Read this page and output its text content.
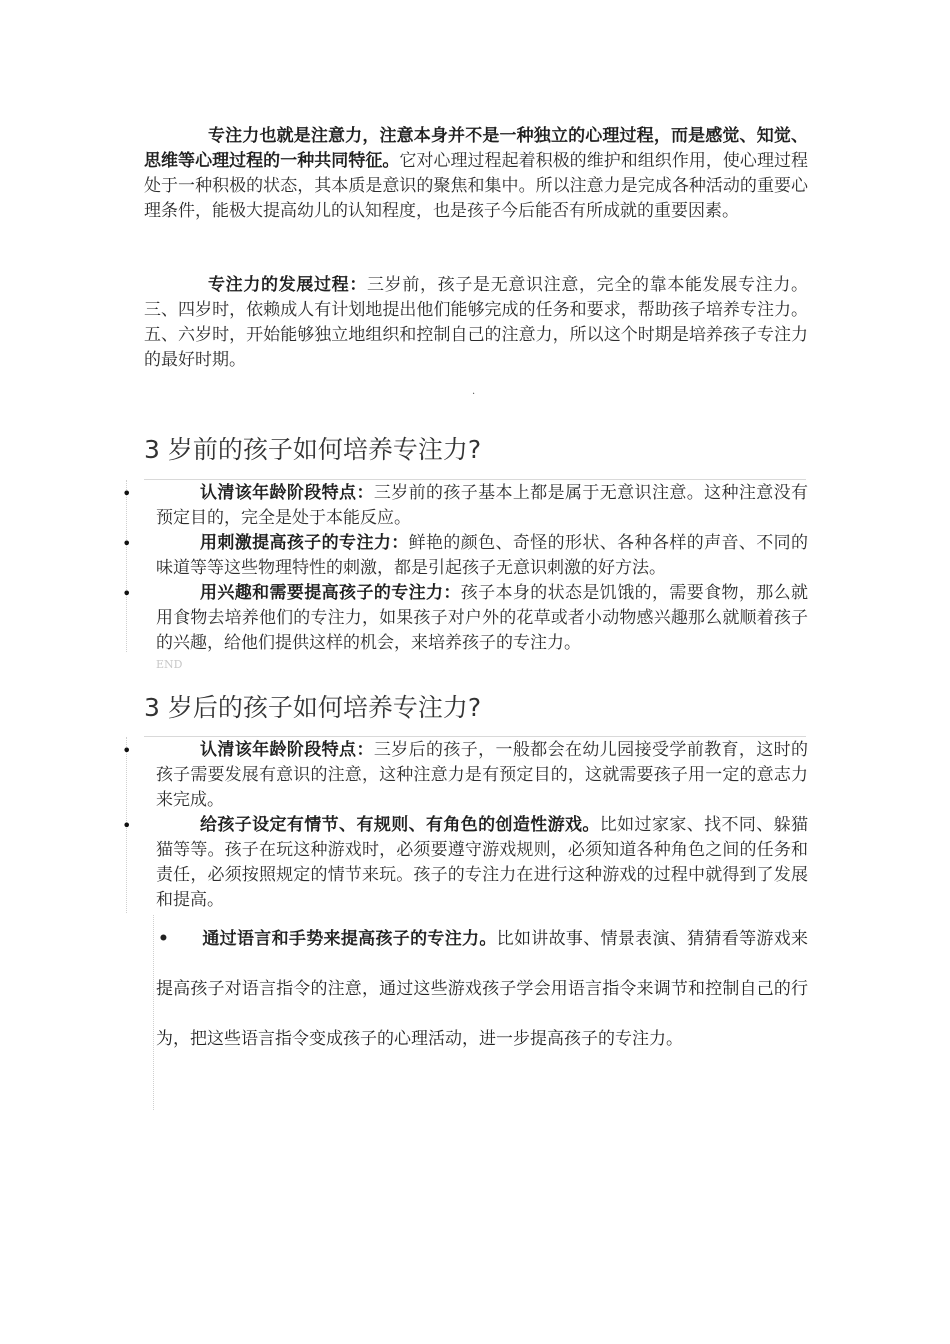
专注力也就是注意力，注意本身并不是一种独立的心理过程，而是感觉、知觉、思维等心理过程的一种共同特征。它对心理过程起着积极的维护和组织作用，使心理过程处于一种积极的状态，其本质是意识的聚焦和集中。所以注意力是完成各种活动的重要心理条件，能极大提高幼儿的认知程度，也是孩子今后能否有所成就的重要因素。

专注力的发展过程：三岁前，孩子是无意识注意，完全的靠本能发展专注力。三、四岁时，依赖成人有计划地提出他们能够完成的任务和要求，帮助孩子培养专注力。五、六岁时，开始能够独立地组织和控制自己的注意力，所以这个时期是培养孩子专注力的最好时期。

.
3 岁前的孩子如何培养专注力?
•	认清该年龄阶段特点：三岁前的孩子基本上都是属于无意识注意。这种注意没有预定目的，完全是处于本能反应。
•	用刺激提高孩子的专注力：鲜艳的颜色、奇怪的形状、各种各样的声音、不同的味道等等这些物理特性的刺激，都是引起孩子无意识刺激的好方法。
•	用兴趣和需要提高孩子的专注力：孩子本身的状态是饥饿的，需要食物，那么就用食物去培养他们的专注力，如果孩子对户外的花草或者小动物感兴趣那么就顺着孩子的兴趣，给他们提供这样的机会，来培养孩子的专注力。
END
3 岁后的孩子如何培养专注力?
•	认清该年龄阶段特点：三岁后的孩子，一般都会在幼儿园接受学前教育，这时的孩子需要发展有意识的注意，这种注意力是有预定目的，这就需要孩子用一定的意志力来完成。
•	给孩子设定有情节、有规则、有角色的创造性游戏。比如过家家、找不同、躲猫猫等等。孩子在玩这种游戏时，必须要遵守游戏规则，必须知道各种角色之间的任务和责任，必须按照规定的情节来玩。孩子的专注力在进行这种游戏的过程中就得到了发展和提高。

• 通过语言和手势来提高孩子的专注力。比如讲故事、情景表演、猜猜看等游戏来提高孩子对语言指令的注意，通过这些游戏孩子学会用语言指令来调节和控制自己的行为，把这些语言指令变成孩子的心理活动，进一步提高孩子的专注力。
